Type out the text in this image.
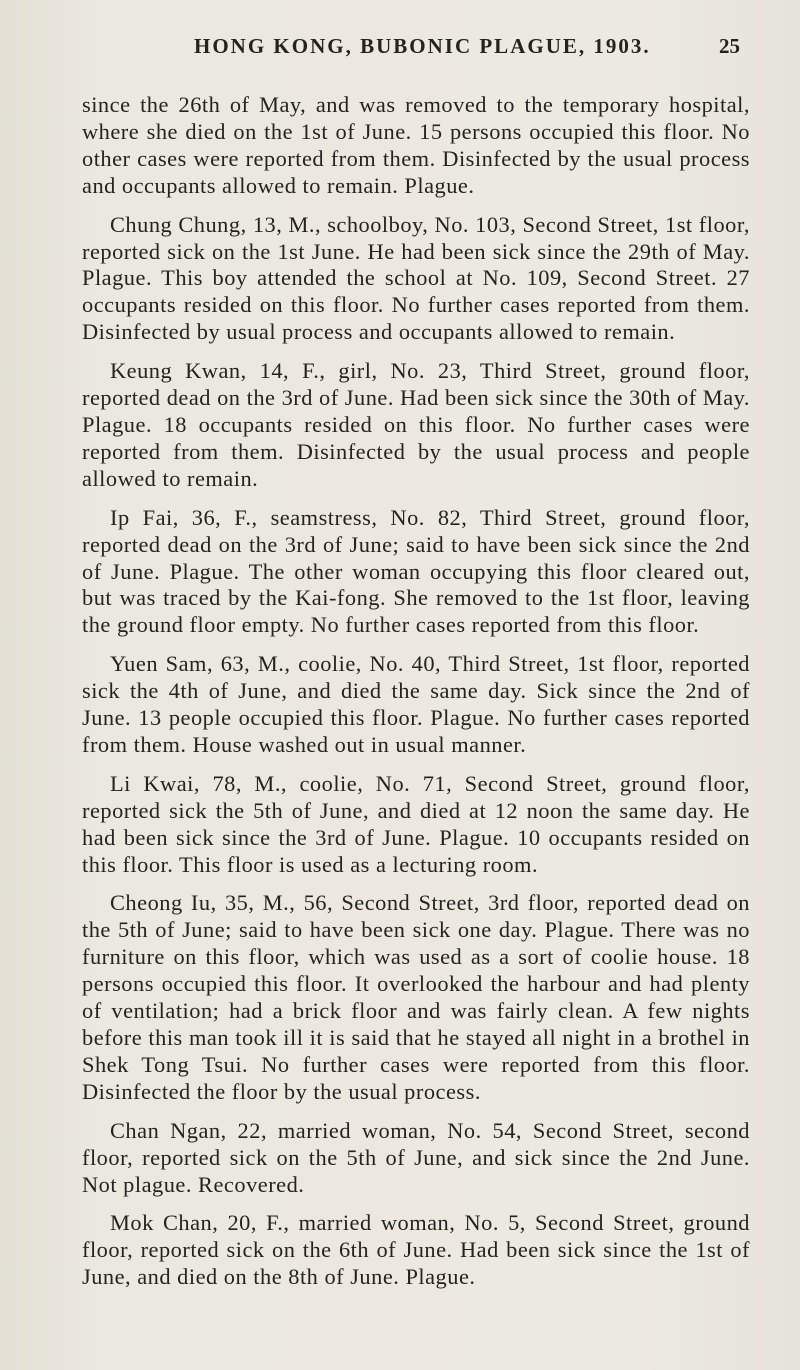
HONG KONG, BUBONIC PLAGUE, 1903.	25

since the 26th of May, and was removed to the temporary hospital, where she died on the 1st of June. 15 persons occupied this floor. No other cases were reported from them. Disinfected by the usual process and occupants allowed to remain. Plague.

Chung Chung, 13, M., schoolboy, No. 103, Second Street, 1st floor, reported sick on the 1st June. He had been sick since the 29th of May. Plague. This boy attended the school at No. 109, Second Street. 27 occupants resided on this floor. No further cases reported from them. Disinfected by usual process and occupants allowed to remain.

Keung Kwan, 14, F., girl, No. 23, Third Street, ground floor, reported dead on the 3rd of June. Had been sick since the 30th of May. Plague. 18 occupants resided on this floor. No further cases were reported from them. Disinfected by the usual process and people allowed to remain.

Ip Fai, 36, F., seamstress, No. 82, Third Street, ground floor, reported dead on the 3rd of June; said to have been sick since the 2nd of June. Plague. The other woman occupying this floor cleared out, but was traced by the Kai-fong. She removed to the 1st floor, leaving the ground floor empty. No further cases reported from this floor.

Yuen Sam, 63, M., coolie, No. 40, Third Street, 1st floor, reported sick the 4th of June, and died the same day. Sick since the 2nd of June. 13 people occupied this floor. Plague. No further cases reported from them. House washed out in usual manner.

Li Kwai, 78, M., coolie, No. 71, Second Street, ground floor, reported sick the 5th of June, and died at 12 noon the same day. He had been sick since the 3rd of June. Plague. 10 occupants resided on this floor. This floor is used as a lecturing room.

Cheong Iu, 35, M., 56, Second Street, 3rd floor, reported dead on the 5th of June; said to have been sick one day. Plague. There was no furniture on this floor, which was used as a sort of coolie house. 18 persons occupied this floor. It overlooked the harbour and had plenty of ventilation; had a brick floor and was fairly clean. A few nights before this man took ill it is said that he stayed all night in a brothel in Shek Tong Tsui. No further cases were reported from this floor. Disinfected the floor by the usual process.

Chan Ngan, 22, married woman, No. 54, Second Street, second floor, reported sick on the 5th of June, and sick since the 2nd June. Not plague. Recovered.

Mok Chan, 20, F., married woman, No. 5, Second Street, ground floor, reported sick on the 6th of June. Had been sick since the 1st of June, and died on the 8th of June. Plague.
